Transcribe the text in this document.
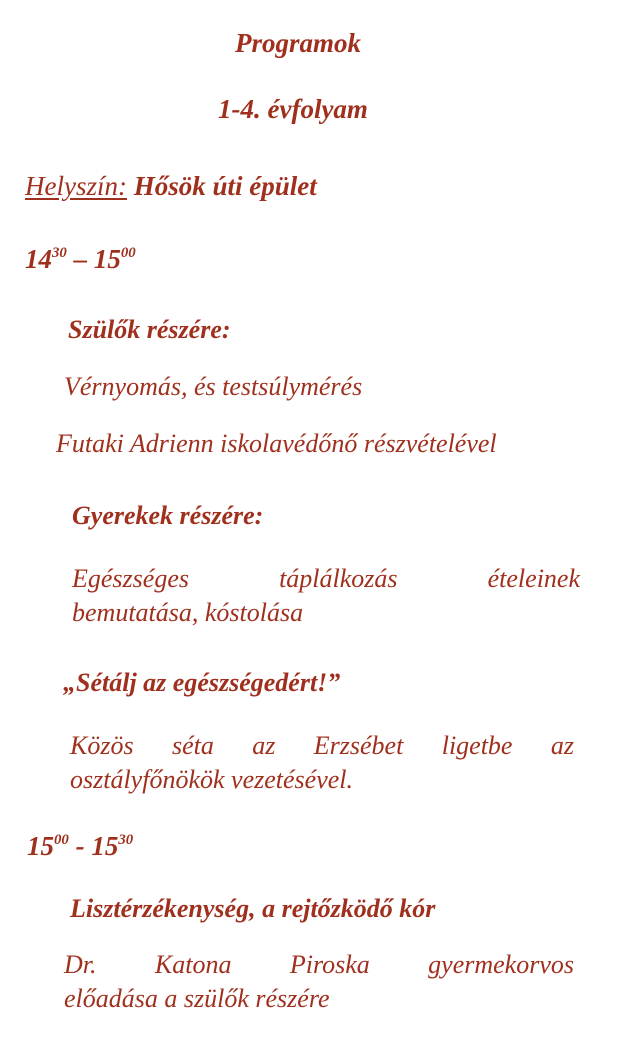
Programok
1-4. évfolyam
Helyszín: Hősök úti épület
$14^{30} - 15^{00}$
Szülők részére:
Vérnyomás, és testsúlymérés
Futaki Adrienn iskolavédőnő részvételével
Gyerekek részére:

Egészséges táplálkozás ételeinek

bemutatása, kóstolása
„Sétálj az egészségedért!”

Közös séta az Erzsébet ligetbe az

osztályfőnökök vezetésével.
$15^{00} - 15^{30}$
Lisztérzékenység, a rejtőzködő kór

Dr. Katona Piroska gyermekorvos

előadása a szülők részére
